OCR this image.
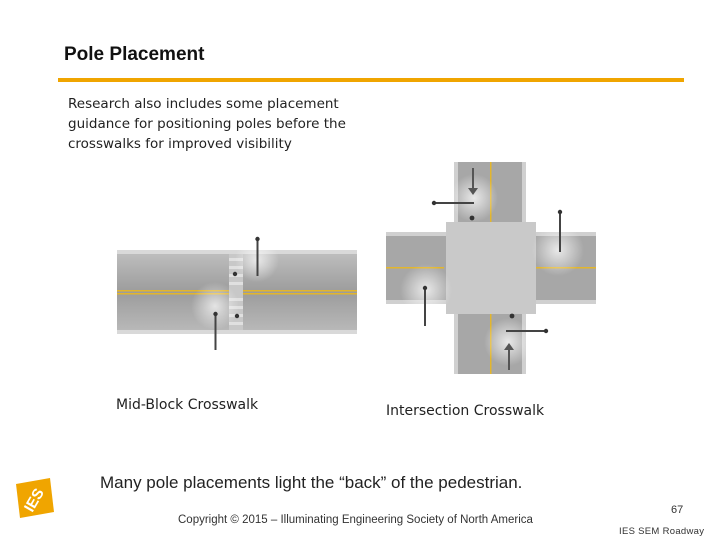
Pole Placement
Research also includes some placement guidance for positioning poles before the crosswalks for improved visibility
Mid-Block Crosswalk	Intersection Crosswalk
Many pole placements light the “back” of the pedestrian.
IES
Copyright © 2015 – Illuminating Engineering Society of North America
67
IES SEM Roadway
